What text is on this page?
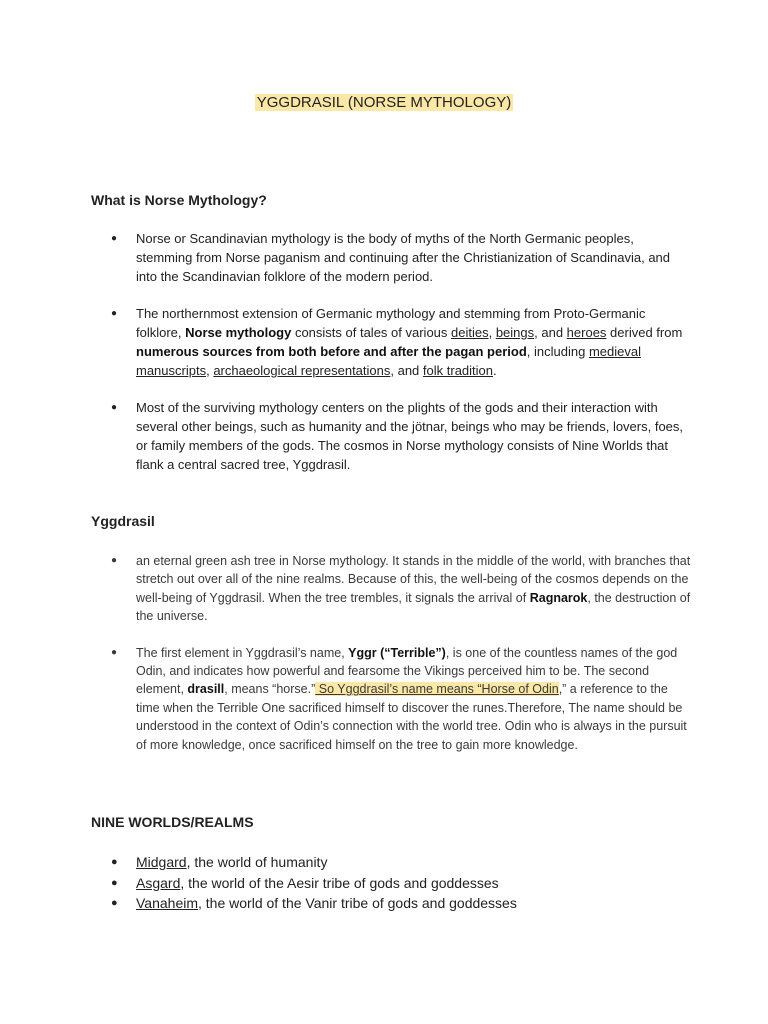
YGGDRASIL (NORSE MYTHOLOGY)
What is Norse Mythology?
● Norse or Scandinavian mythology is the body of myths of the North Germanic peoples, stemming from Norse paganism and continuing after the Christianization of Scandinavia, and into the Scandinavian folklore of the modern period.
● The northernmost extension of Germanic mythology and stemming from Proto-Germanic folklore, Norse mythology consists of tales of various deities, beings, and heroes derived from numerous sources from both before and after the pagan period, including medieval manuscripts, archaeological representations, and folk tradition.
● Most of the surviving mythology centers on the plights of the gods and their interaction with several other beings, such as humanity and the jötnar, beings who may be friends, lovers, foes, or family members of the gods. The cosmos in Norse mythology consists of Nine Worlds that flank a central sacred tree, Yggdrasil.
Yggdrasil
● an eternal green ash tree in Norse mythology. It stands in the middle of the world, with branches that stretch out over all of the nine realms. Because of this, the well-being of the cosmos depends on the well-being of Yggdrasil. When the tree trembles, it signals the arrival of Ragnarok, the destruction of the universe.
● The first element in Yggdrasil’s name, Yggr (“Terrible”), is one of the countless names of the god Odin, and indicates how powerful and fearsome the Vikings perceived him to be. The second element, drasill, means “horse.” So Yggdrasil’s name means “Horse of Odin,” a reference to the time when the Terrible One sacrificed himself to discover the runes.Therefore, The name should be understood in the context of Odin’s connection with the world tree. Odin who is always in the pursuit of more knowledge, once sacrificed himself on the tree to gain more knowledge.
NINE WORLDS/REALMS
● Midgard, the world of humanity
● Asgard, the world of the Aesir tribe of gods and goddesses
● Vanaheim, the world of the Vanir tribe of gods and goddesses
